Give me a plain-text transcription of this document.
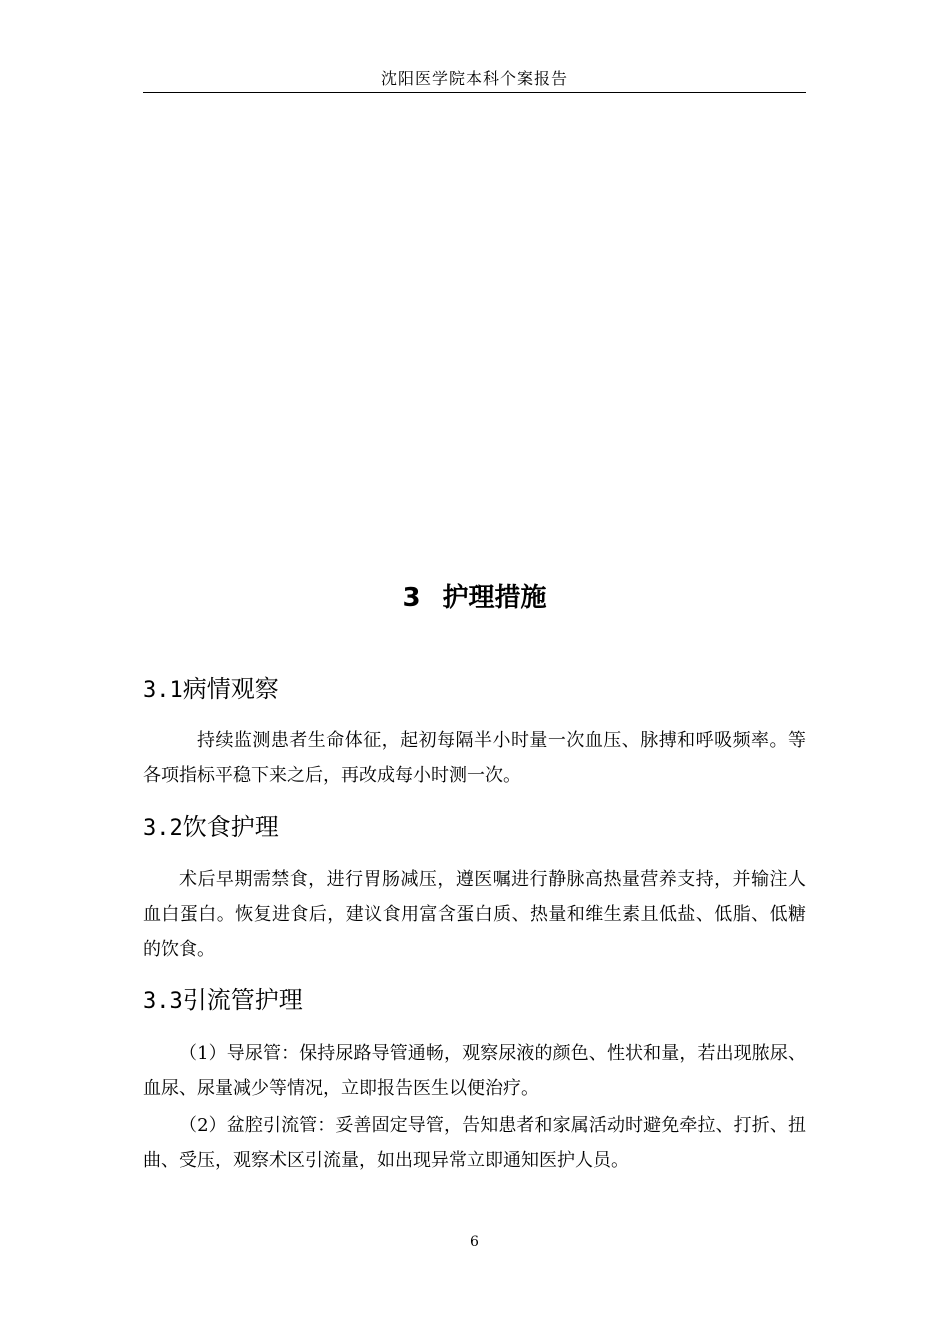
沈阳医学院本科个案报告
3 护理措施
3.1病情观察

持续监测患者生命体征，起初每隔半小时量一次血压、脉搏和呼吸频率。等各项指标平稳下来之后，再改成每小时测一次。

3.2饮食护理

术后早期需禁食，进行胃肠减压，遵医嘱进行静脉高热量营养支持，并输注人血白蛋白。恢复进食后，建议食用富含蛋白质、热量和维生素且低盐、低脂、低糖的饮食。

3.3引流管护理

（1）导尿管：保持尿路导管通畅，观察尿液的颜色、性状和量，若出现脓尿、血尿、尿量减少等情况，立即报告医生以便治疗。

（2）盆腔引流管：妥善固定导管，告知患者和家属活动时避免牵拉、打折、扭曲、受压，观察术区引流量，如出现异常立即通知医护人员。

6
